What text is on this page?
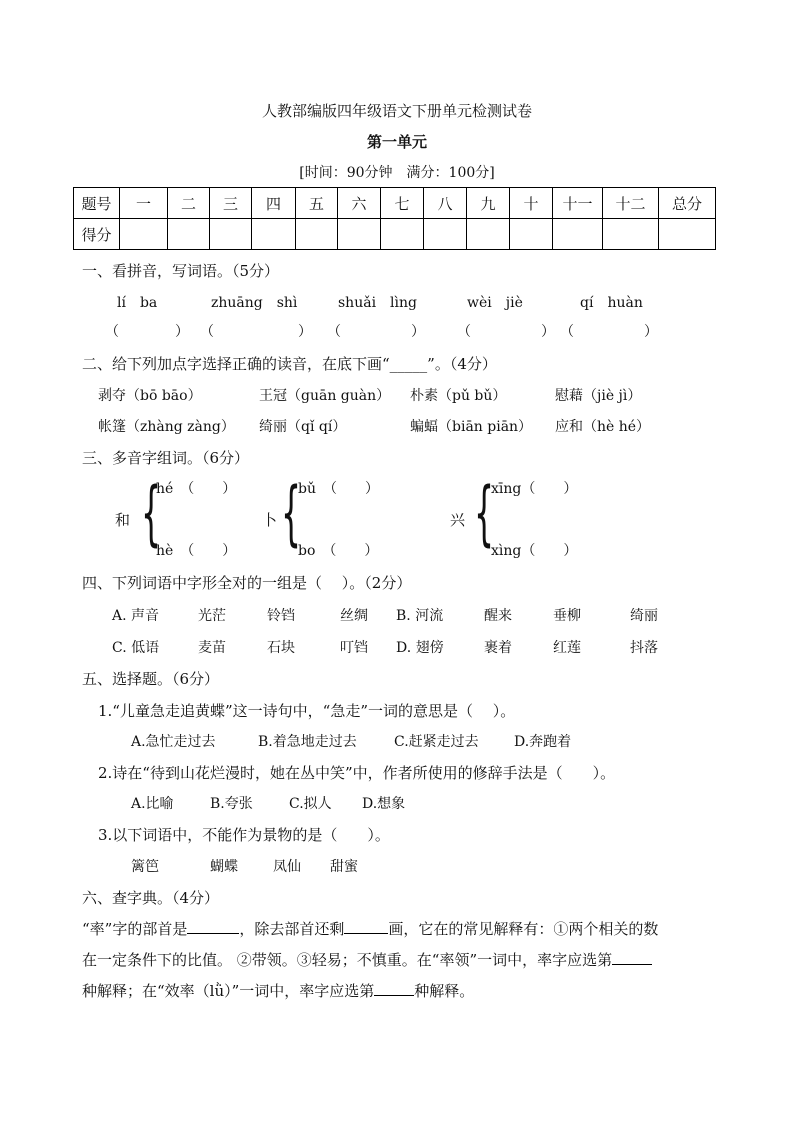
人教部编版四年级语文下册单元检测试卷
第一单元
[时间：90分钟　满分：100分]
题号	一	二	三	四	五	六	七	八	九	十	十一	十二	总分
得分													
一、看拼音，写词语。（5分）
lí　ba	zhuāng　shì	shuǎi　lìng	wèi　jiè	qí　huàn
（　　　　） （　　　　　　） （　　　　　） （　　　　　） （　　　　　）
二、给下列加点字选择正确的读音，在底下画“_____”。（4分）
剥夺（bō bāo）	王冠（guān guàn） 朴素（pǔ bǔ）	慰藉（jiè jì）
帐篷（zhàng zàng） 绮丽（qǐ qí）	蝙蝠（biān piān） 应和（hè hé）
三、多音字组词。（6分）
和 {
hé　（　　）
hè　（　　）
卜 {
bǔ　（　　）
bo　（　　）
兴 {
xīng（　　）
xìng（　　）
四、下列词语中字形全对的一组是（　 ）。（2分）
A. 声音	光茫	铃铛	丝绸 B. 河流	醒来	垂柳	绮丽
C. 低语	麦苗	石块	叮铛 D. 翅傍	裹着	红莲	抖落
五、选择题。（6分）
1.“儿童急走追黄蝶”这一诗句中，“急走”一词的意思是（　 ）。
A.急忙走过去	B.着急地走过去	C.赶紧走过去	D.奔跑着
2.诗在“待到山花烂漫时，她在丛中笑”中，作者所使用的修辞手法是（　　）。
A.比喻	B.夸张	C.拟人 D.想象
3.以下词语中，不能作为景物的是（　　）。
篱笆	蝴蝶	凤仙 甜蜜
六、查字典。（4分）
“率”字的部首是	，除去部首还剩	画，它在的常见解释有：①两个相关的数
在一定条件下的比值。 ②带领。③轻易；不慎重。在“率领”一词中，率字应选第
种解释；在“效率（lǜ）”一词中，率字应选第	种解释。
